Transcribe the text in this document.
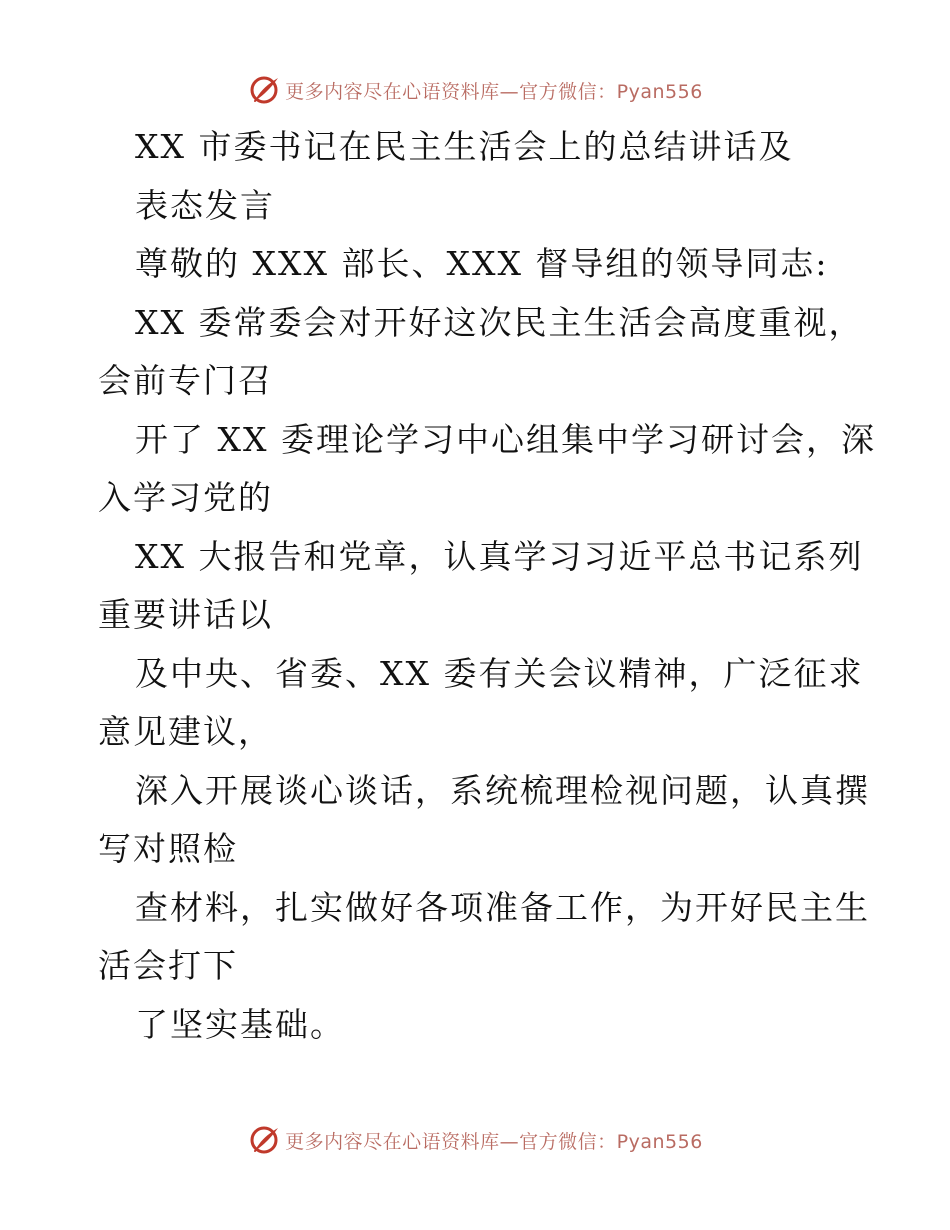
更多内容尽在心语资料库—官方微信：Pyan556
XX 市委书记在民主生活会上的总结讲话及
表态发言
尊敬的 XXX 部长、XXX 督导组的领导同志:
XX 委常委会对开好这次民主生活会高度重视，
会前专门召
开了 XX 委理论学习中心组集中学习研讨会，深
入学习党的
XX 大报告和党章，认真学习习近平总书记系列
重要讲话以
及中央、省委、XX 委有关会议精神，广泛征求
意见建议，
深入开展谈心谈话，系统梳理检视问题，认真撰
写对照检
查材料，扎实做好各项准备工作，为开好民主生
活会打下
了坚实基础。
更多内容尽在心语资料库—官方微信：Pyan556
